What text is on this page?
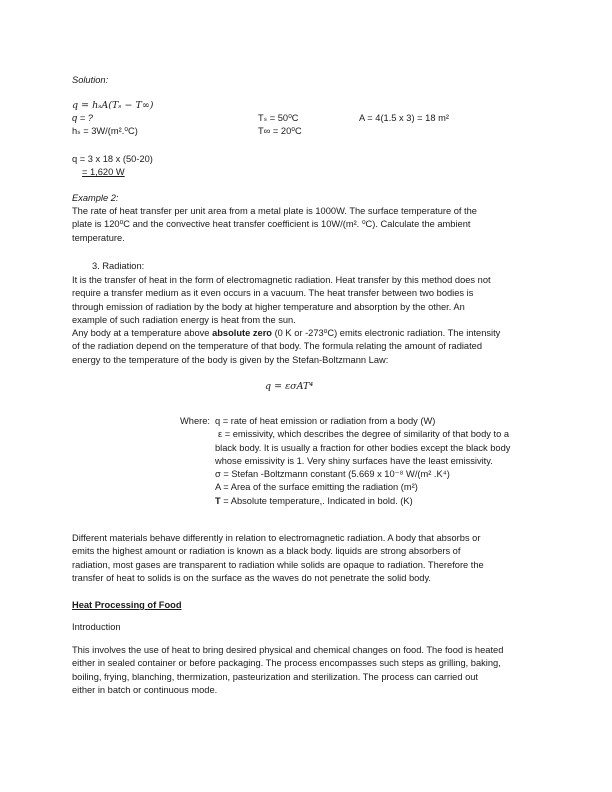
Solution:
q = hₛA(Tₛ − T∞)
q = ?
hₛ = 3W/(m².⁰C)
Tₛ = 50⁰C
T∞ = 20⁰C
A = 4(1.5 x 3) = 18 m²
q = 3 x 18 x (50-20)
= 1,620 W
Example 2:
The rate of heat transfer per unit area from a metal plate is 1000W. The surface temperature of the
plate is 120⁰C and the convective heat transfer coefficient is 10W/(m². ⁰C). Calculate the ambient
temperature.
3. Radiation:
It is the transfer of heat in the form of electromagnetic radiation. Heat transfer by this method does not
require a transfer medium as it even occurs in a vacuum. The heat transfer between two bodies is
through emission of radiation by the body at higher temperature and absorption by the other. An
example of such radiation energy is heat from the sun.
Any body at a temperature above absolute zero (0 K or -273⁰C) emits electronic radiation. The intensity
of the radiation depend on the temperature of that body. The formula relating the amount of radiated
energy to the temperature of the body is given by the Stefan-Boltzmann Law:
q = εσAT⁴
Where: q = rate of heat emission or radiation from a body (W)
ε = emissivity, which describes the degree of similarity of that body to a
black body. It is usually a fraction for other bodies except the black body
whose emissivity is 1. Very shiny surfaces have the least emissivity.
σ = Stefan -Boltzmann constant (5.669 x 10⁻⁸ W/(m² .K⁴)
A = Area of the surface emitting the radiation (m²)
T = Absolute temperature,. Indicated in bold. (K)
Different materials behave differently in relation to electromagnetic radiation. A body that absorbs or
emits the highest amount or radiation is known as a black body. liquids are strong absorbers of
radiation, most gases are transparent to radiation while solids are opaque to radiation. Therefore the
transfer of heat to solids is on the surface as the waves do not penetrate the solid body.
Heat Processing of Food
Introduction
This involves the use of heat to bring desired physical and chemical changes on food. The food is heated
either in sealed container or before packaging. The process encompasses such steps as grilling, baking,
boiling, frying, blanching, thermization, pasteurization and sterilization. The process can carried out
either in batch or continuous mode.
